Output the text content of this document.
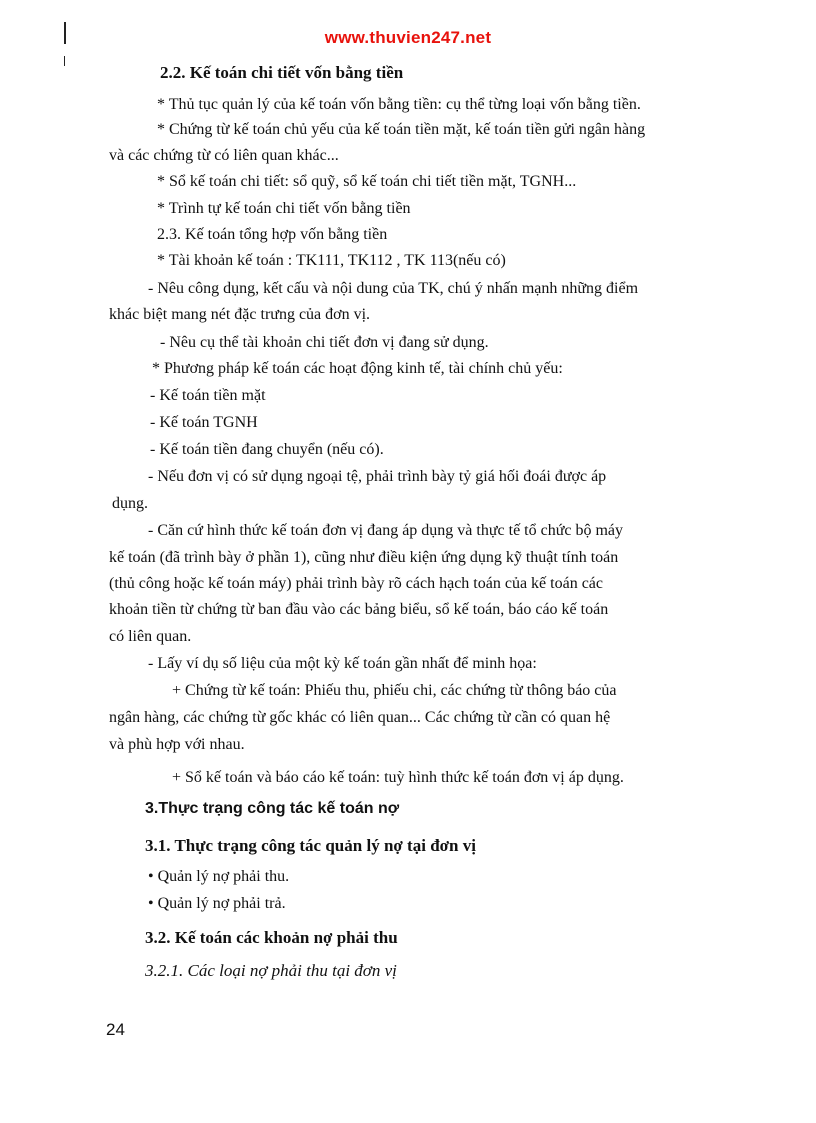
www.thuvien247.net
2.2. Kế toán chi tiết vốn bằng tiền
* Thủ tục quản lý của kế toán vốn bằng tiền: cụ thể từng loại vốn bằng tiền.
* Chứng từ kế toán chủ yếu của kế toán tiền mặt, kế toán tiền gửi ngân hàng
và các chứng từ có liên quan khác...
* Sổ kế toán chi tiết: sổ quỹ, sổ kế toán chi tiết tiền mặt, TGNH...
* Trình tự kế toán chi tiết vốn bằng tiền
2.3. Kế toán tổng hợp vốn bằng tiền
* Tài khoản kế toán : TK111, TK112 , TK 113(nếu có)
- Nêu công dụng, kết cấu và nội dung của TK, chú ý nhấn mạnh những điểm
khác biệt mang nét đặc trưng của đơn vị.
- Nêu cụ thể tài khoản chi tiết đơn vị đang sử dụng.
* Phương pháp kế toán các hoạt động kinh tế, tài chính chủ yếu:
- Kế toán tiền mặt
- Kế toán TGNH
- Kế toán tiền đang chuyển (nếu có).
- Nếu đơn vị có sử dụng ngoại tệ, phải trình bày tỷ giá hối đoái được áp
dụng.
- Căn cứ hình thức kế toán đơn vị đang áp dụng và thực tế tổ chức bộ máy
kế toán (đã trình bày ở phần 1), cũng như điều kiện ứng dụng kỹ thuật tính toán
(thủ công hoặc kế toán máy) phải trình bày rõ cách hạch toán của kế toán các
khoản tiền từ chứng từ ban đầu vào các bảng biểu, sổ kế toán, báo cáo kế toán
có liên quan.
- Lấy ví dụ số liệu của một kỳ kế toán gần nhất để minh họa:
+ Chứng từ kế toán: Phiếu thu, phiếu chi, các chứng từ thông báo của
ngân hàng, các chứng từ gốc khác có liên quan... Các chứng từ cần có quan hệ
và phù hợp với nhau.
+ Sổ kế toán và báo cáo kế toán: tuỳ hình thức kế toán đơn vị áp dụng.
3.Thực trạng công tác kế toán nợ
3.1. Thực trạng công tác quản lý nợ tại đơn vị
• Quản lý nợ phải thu.
• Quản lý nợ phải trả.
3.2. Kế toán các khoản nợ phải thu
3.2.1. Các loại nợ phải thu tại đơn vị
24
